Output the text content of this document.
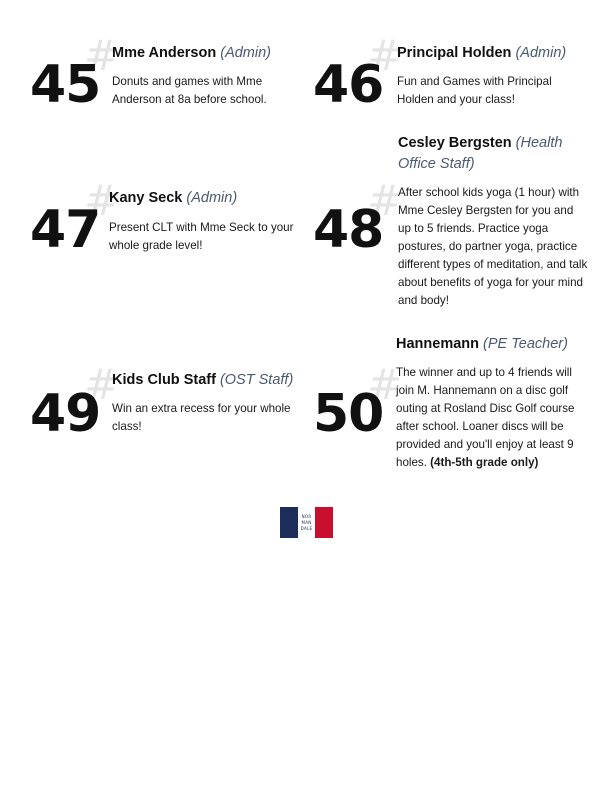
#
45
Mme Anderson (Admin)
Donuts and games with Mme Anderson at 8a before school.
#
46
Principal Holden (Admin)
Fun and Games with Principal Holden and your class!
#
47
Kany Seck (Admin)
Present CLT with Mme Seck to your whole grade level!
#
48
Cesley Bergsten (Health Office Staff)
After school kids yoga (1 hour) with Mme Cesley Bergsten for you and up to 5 friends. Practice yoga postures, do partner yoga, practice different types of meditation, and talk about benefits of yoga for your mind and body!
#
49
Kids Club Staff (OST Staff)
Win an extra recess for your whole class!
#
50
Hannemann (PE Teacher)
The winner and up to 4 friends will join M. Hannemann on a disc golf outing at Rosland Disc Golf course after school. Loaner discs will be provided and you'll enjoy at least 9 holes. (4th-5th grade only)
NOR
MAN
DALE
